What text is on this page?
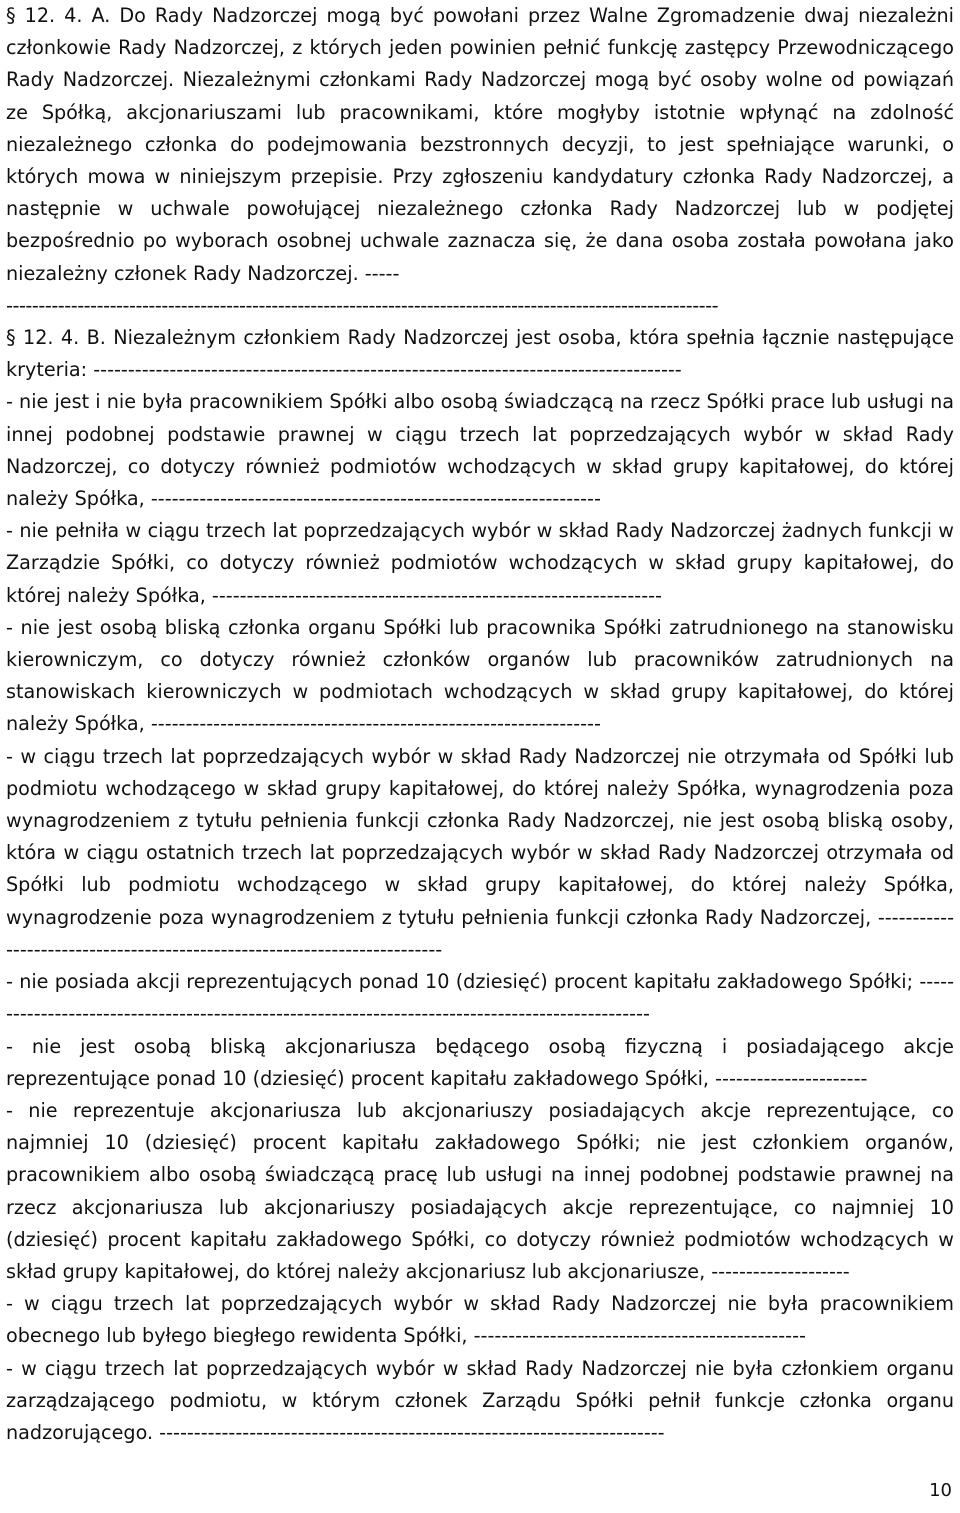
§ 12. 4. A. Do Rady Nadzorczej mogą być powołani przez Walne Zgromadzenie dwaj niezależni członkowie Rady Nadzorczej, z których jeden powinien pełnić funkcję zastępcy Przewodniczącego Rady Nadzorczej. Niezależnymi członkami Rady Nadzorczej mogą być osoby wolne od powiązań ze Spółką, akcjonariuszami lub pracownikami, które mogłyby istotnie wpłynąć na zdolność niezależnego członka do podejmowania bezstronnych decyzji, to jest spełniające warunki, o których mowa w niniejszym przepisie. Przy zgłoszeniu kandydatury członka Rady Nadzorczej, a następnie w uchwale powołującej niezależnego członka Rady Nadzorczej lub w podjętej bezpośrednio po wyborach osobnej uchwale zaznacza się, że dana osoba została powołana jako niezależny członek Rady Nadzorczej. -----

--------------------------------------------------------------------------------------------------------------

§ 12. 4. B. Niezależnym członkiem Rady Nadzorczej jest osoba, która spełnia łącznie następujące kryteria: -------------------------------------------------------------------------------------

- nie jest i nie była pracownikiem Spółki albo osobą świadczącą na rzecz Spółki prace lub usługi na innej podobnej podstawie prawnej w ciągu trzech lat poprzedzających wybór w skład Rady Nadzorczej, co dotyczy również podmiotów wchodzących w skład grupy kapitałowej, do której należy Spółka, -----------------------------------------------------------------

- nie pełniła w ciągu trzech lat poprzedzających wybór w skład Rady Nadzorczej żadnych funkcji w Zarządzie Spółki, co dotyczy również podmiotów wchodzących w skład grupy kapitałowej, do której należy Spółka, -----------------------------------------------------------------

- nie jest osobą bliską członka organu Spółki lub pracownika Spółki zatrudnionego na stanowisku kierowniczym, co dotyczy również członków organów lub pracowników zatrudnionych na stanowiskach kierowniczych w podmiotach wchodzących w skład grupy kapitałowej, do której należy Spółka, -----------------------------------------------------------------

- w ciągu trzech lat poprzedzających wybór w skład Rady Nadzorczej nie otrzymała od Spółki lub podmiotu wchodzącego w skład grupy kapitałowej, do której należy Spółka, wynagrodzenia poza wynagrodzeniem z tytułu pełnienia funkcji członka Rady Nadzorczej, nie jest osobą bliską osoby, która w ciągu ostatnich trzech lat poprzedzających wybór w skład Rady Nadzorczej otrzymała od Spółki lub podmiotu wchodzącego w skład grupy kapitałowej, do której należy Spółka, wynagrodzenie poza wynagrodzeniem z tytułu pełnienia funkcji członka Rady Nadzorczej, --------------------------------------------------------------------------

- nie posiada akcji reprezentujących ponad 10 (dziesięć) procent kapitału zakładowego Spółki; --------------------------------------------------------------------------------------------------

- nie jest osobą bliską akcjonariusza będącego osobą fizyczną i posiadającego akcje reprezentujące ponad 10 (dziesięć) procent kapitału zakładowego Spółki, ----------------------

- nie reprezentuje akcjonariusza lub akcjonariuszy posiadających akcje reprezentujące, co najmniej 10 (dziesięć) procent kapitału zakładowego Spółki; nie jest członkiem organów, pracownikiem albo osobą świadczącą pracę lub usługi na innej podobnej podstawie prawnej na rzecz akcjonariusza lub akcjonariuszy posiadających akcje reprezentujące, co najmniej 10 (dziesięć) procent kapitału zakładowego Spółki, co dotyczy również podmiotów wchodzących w skład grupy kapitałowej, do której należy akcjonariusz lub akcjonariusze, --------------------

- w ciągu trzech lat poprzedzających wybór w skład Rady Nadzorczej nie była pracownikiem obecnego lub byłego biegłego rewidenta Spółki, ------------------------------------------------

- w ciągu trzech lat poprzedzających wybór w skład Rady Nadzorczej nie była członkiem organu zarządzającego podmiotu, w którym członek Zarządu Spółki pełnił funkcje członka organu nadzorującego. -------------------------------------------------------------------------

10
